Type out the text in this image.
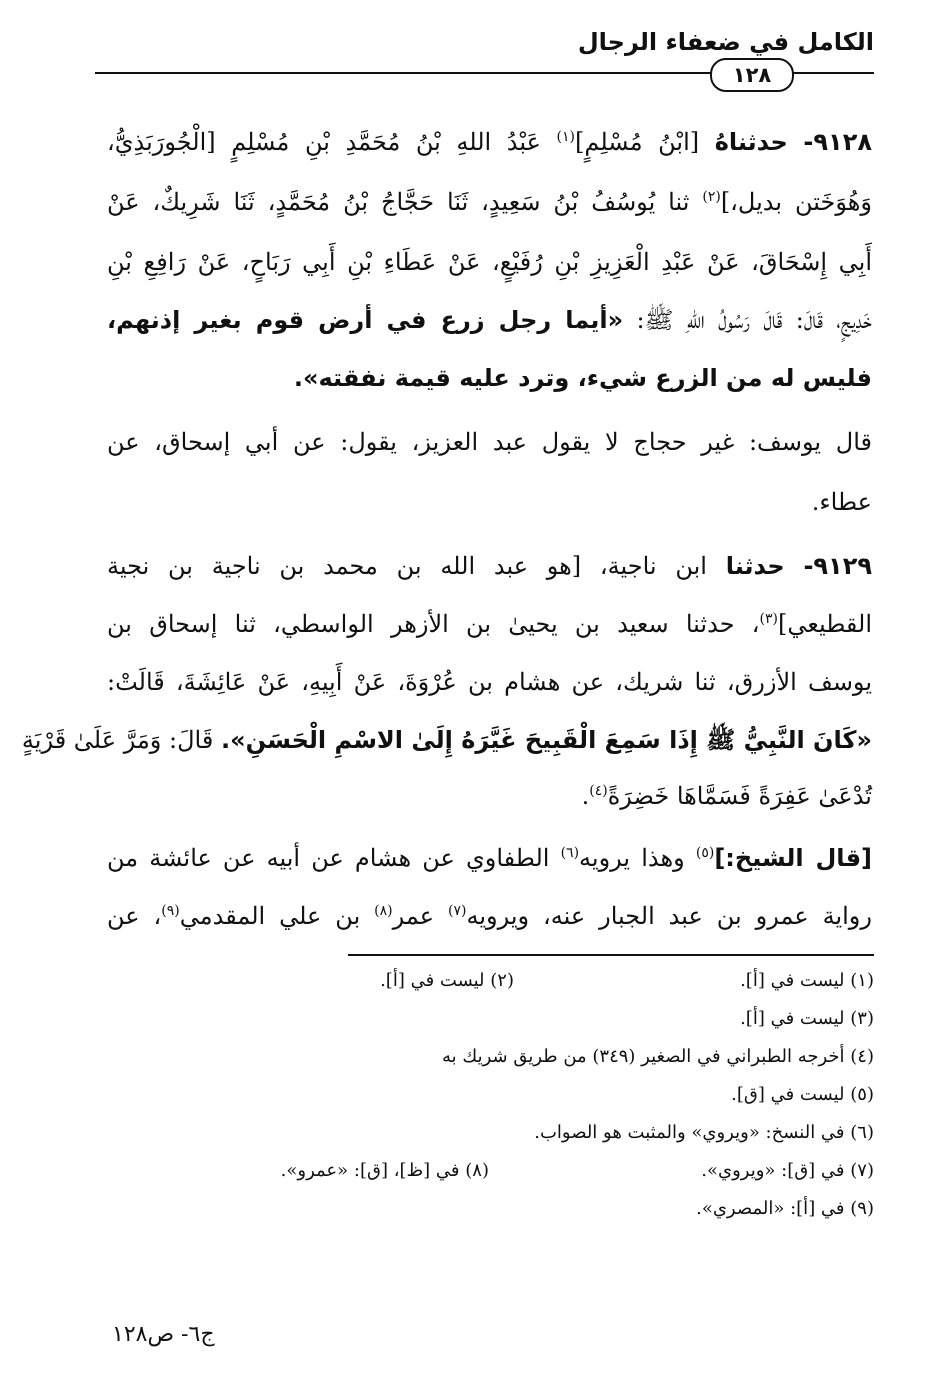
الكامل في ضعفاء الرجال
١٢٨
٩١٢٨- حدثناهُ [ابْنُ مُسْلِمٍ]$^{(١)}$ عَبْدُ اللهِ بْنُ مُحَمَّدِ بْنِ مُسْلِمٍ [الْجُورَبَذِيُّ،
وَهُوَخَتن بديل،]$^{(٢)}$ ثنا يُوسُفُ بْنُ سَعِيدٍ، ثَنَا حَجَّاجُ بْنُ مُحَمَّدٍ، ثَنَا شَرِيكٌ، عَنْ
أَبِي إِسْحَاقَ، عَنْ عَبْدِ الْعَزِيزِ بْنِ رُفَيْعٍ، عَنْ عَطَاءِ بْنِ أَبِي رَبَاحٍ، عَنْ رَافِعِ بْنِ
خَدِيجٍ، قَالَ: قَالَ رَسُولُ اللهِ ﷺ: «أيما رجل زرع في أرض قوم بغير إذنهم،
فليس له من الزرع شيء، وترد عليه قيمة نفقته».
قال يوسف: غير حجاج لا يقول عبد العزيز، يقول: عن أبي إسحاق، عن
عطاء.
٩١٢٩- حدثنا ابن ناجية، [هو عبد الله بن محمد بن ناجية بن نجية
القطيعي]$^{(٣)}$، حدثنا سعيد بن يحيىٰ بن الأزهر الواسطي، ثنا إسحاق بن
يوسف الأزرق، ثنا شريك، عن هشام بن عُرْوَةَ، عَنْ أَبِيهِ، عَنْ عَائِشَةَ، قَالَتْ:
«كَانَ النَّبِيُّ ﷺ إِذَا سَمِعَ الْقَبِيحَ غَيَّرَهُ إِلَىٰ الاسْمِ الْحَسَنِ». قَالَ: وَمَرَّ عَلَىٰ قَرْيَةٍ
تُدْعَىٰ عَفِرَةً فَسَمَّاهَا خَضِرَةً$^{(٤)}$.
[قال الشيخ:]$^{(٥)}$ وهذا يرويه$^{(٦)}$ الطفاوي عن هشام عن أبيه عن عائشة من
رواية عمرو بن عبد الجبار عنه، ويرويه$^{(٧)}$ عمر$^{(٨)}$ بن علي المقدمي$^{(٩)}$، عن
(١) ليست في [أ].
(٢) ليست في [أ].
(٣) ليست في [أ].
(٤) أخرجه الطبراني في الصغير (٣٤٩) من طريق شريك به
(٥) ليست في [ق].
(٦) في النسخ: «ويروي» والمثبت هو الصواب.
(٧) في [ق]: «ويروي».
(٨) في [ظ]، [ق]: «عمرو».
(٩) في [أ]: «المصري».
ج٦- ص١٢٨
